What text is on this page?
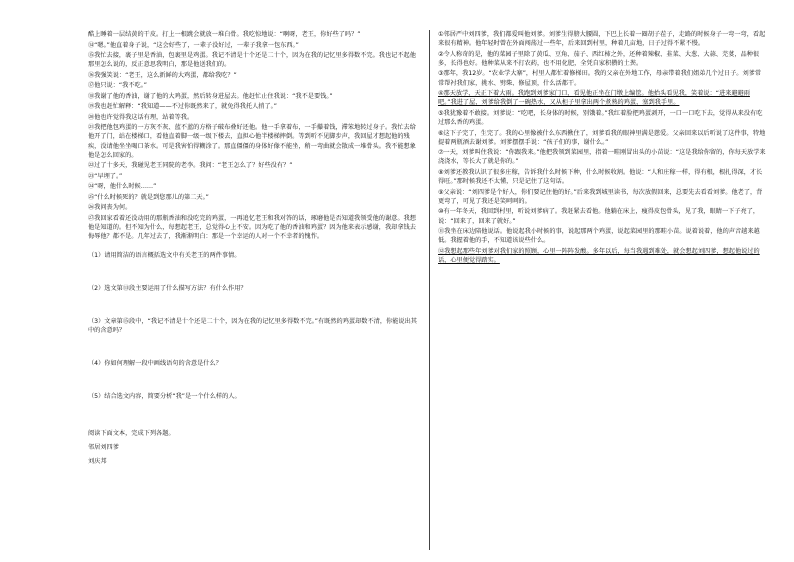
酷上睡着一层结黄的干皮。打上一根跳会就放一堆白骨。我吃惊地说：“啊呀，老王，你好些了吗？”

⑭“嗯。”他直着身子说，“这会好些了，一辈子没好过，一辈子我拿一包东西。”

⑮我忙去接，裹子里是香油，包裹里是鸡蛋。我记不清是十个还是二十个，因为在我的记忆里多得数不完。我也记不起他那里怎么说的，反正意思我明白，那是他送我们的。

⑯我强笑说：“老王，这么新鲜的大鸡蛋，都给我吃？”

⑰他只说：“我不吃。”

⑱我谢了他的香油，谢了他的大鸡蛋，然后转身进屋去。他赶忙止住我说：“我不是要钱。”

⑲我也赶忙解释：“我知道——不过你既然来了，就免得我托人捎了。”

⑳他也许觉得我这话有理，站着等我。

㉑我把他包鸡蛋的一方灰不灰、蓝不蓝的方格子破布叠好还他。他一手拿着布，一手攥着钱，滞笨地转过身子。我忙去给他开了门，站在楼梯口，看他直着脚一级一级下楼去，直担心他半楼梯摔倒。等到听不见脚步声，我回屋才想起他的残疾，没请他坐坐喝口茶水。可是我害怕得糊涂了。那直僵僵的身体好像不能坐，稍一弯曲就会散成一堆骨头。我不能想象他是怎么回家的。

㉒过了十多天，我碰见老王同院的老李。我问：“老王怎么了？好些没有？”

㉓“早埋了。”

㉔“呀，他什么时候……”

㉕“什么时候死的？就是到您那儿的第二天。”

㉖我问丧为何。

㉗我回家看着还没动用的那瓶香油和没吃完的鸡蛋，一再追忆老王和我对答的话，琢磨他是否知道我领受他的谢意。我想他是知道的。但不知为什么，每想起老王，总觉得心上不安。因为吃了他的香油和鸡蛋？因为他来表示感谢，我却拿钱去侮辱他？都不是。几年过去了，我渐渐明白：那是一个幸运的人对一个不幸者的愧怍。

（1）请用简洁的语言概括选文中有关老王的两件事情。

（2）选文第⑬段主要运用了什么描写方法？有什么作用？

（3）文章第⑮段中，“我记不清是十个还是二十个，因为在我的记忆里多得数不完。”有既然的鸡蛋却数不清，你能说出其中的含意吗？

（4）你如何理解一段中画线语句的含意是什么？

（5）结合选文内容，简要分析“我”是一个什么样的人。

阅读下面文本，完成下列各题。

邻居刘四爹

刘庆邦

①邻居严中刘四爹，我们都爱叫他刘爹。刘爹生得膀大腰圆，下巴上长着一圈胡子茬子，走路的时候身子一弯一弯，看起来很有精神。他年轻时曾在外面闯荡过一些年，后来回到村里，种着几亩地，日子过得不紧不慢。

②令人称奇的是，他的菜园子里除了黄瓜、豆角、茄子、西红柿之外，还种着辣椒、韭菜、大葱、大蒜、芫荽，品种很多，长得也好。他种菜从来不打农药，也不用化肥，全凭自家积攒的土粪。

③那年，我12岁。“农业学大寨”，村里人都忙着修梯田。我的父亲在外地工作，母亲带着我们姐弟几个过日子。刘爹常常帮衬我们家，挑水、劈柴、修屋顶，什么活都干。

④那天放学，天正下着大雨。我跑到刘爹家门口，看见他正坐在门墩上编筐。他抬头看见我，笑着说：“进来避避雨吧。”我进了屋，刘爹给我倒了一碗热水，又从柜子里拿出两个煮熟的鸡蛋，塞到我手里。

⑤我犹豫着不敢接。刘爹说：“吃吧，长身体的时候，别饿着。”我红着脸把鸡蛋剥开，一口一口吃下去，觉得从来没有吃过那么香的鸡蛋。

⑥这下子完了，生完了。我的心里像被什么东西揪住了，刘爹看我的眼神里满是慈爱。父亲回来以后听说了这件事，特地提着两瓶酒去谢刘爹。刘爹摆摆手说：“孩子们的事，谢什么。”

⑦一天，刘爹叫住我说：“你跟我来。”他把我领到菜园里，指着一畦刚冒出头的小苗说：“这是我给你留的，你每天放学来浇浇水，等长大了就是你的。”

⑧刘爹还教我认识了很多庄稼，告诉我什么时候下种，什么时候收割。他说：“人和庄稼一样，得有根，根扎得深，才长得旺。”那时候我还不太懂，只是记住了这句话。

⑨父亲说：“刘四爹是个好人，你们要记住他的好。”后来我到城里读书，每次放假回来，总要先去看看刘爹。他老了，背更弯了，可见了我还是笑呵呵的。

⑩有一年冬天，我回到村里，听说刘爹病了。我赶紧去看他。他躺在床上，瘦得皮包骨头，见了我，眼睛一下子亮了，说：“回来了，回来了就好。”

⑪我坐在床边陪他说话。他说起我小时候的事，说起那两个鸡蛋，说起菜园里的那畦小苗。说着说着，他的声音越来越低。我握着他的手，不知道该说些什么。

⑫我想起那些年刘爹对我们家的照顾，心里一阵阵发酸。多年以后，每当我遇到难处，就会想起刘四爹，想起他说过的话，心里便觉得踏实。
